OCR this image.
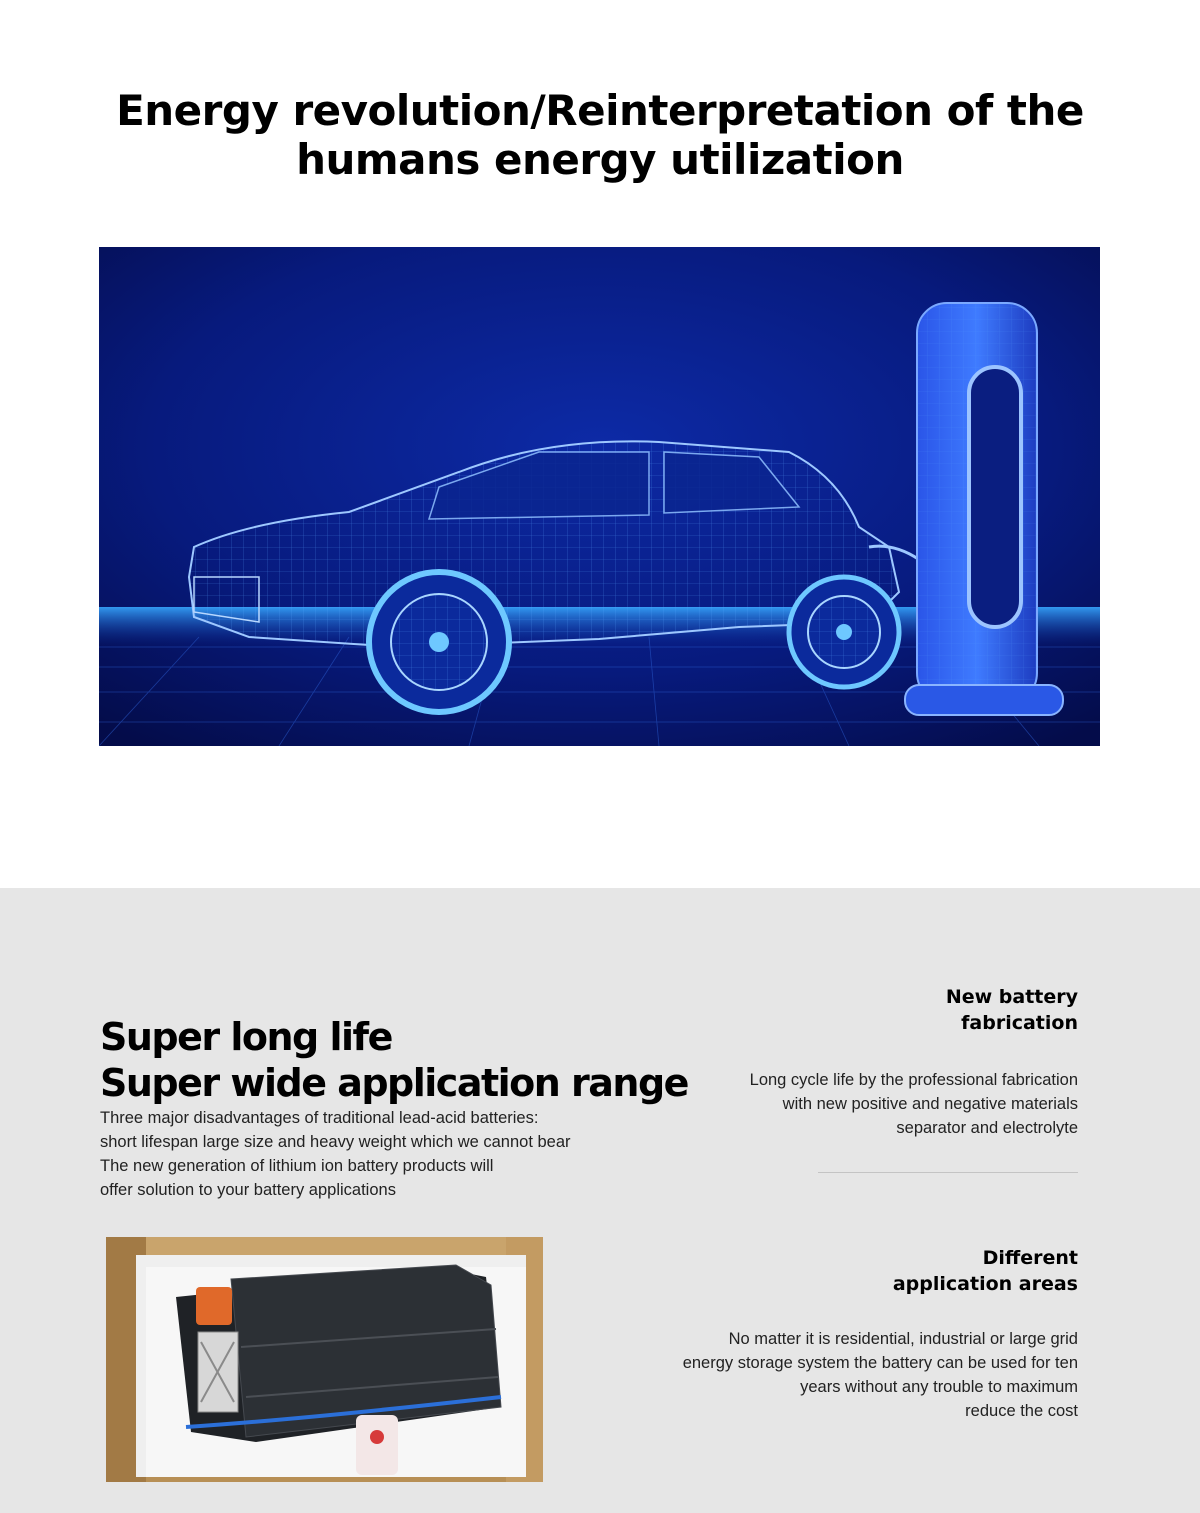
Energy revolution/Reinterpretation of the
humans energy utilization
Super long life
Super wide application range
Three major disadvantages of traditional lead-acid batteries:
short lifespan large size and heavy weight which we cannot bear
The new generation of lithium ion battery products will
offer solution to your battery applications
New battery
fabrication

Long cycle life by the professional fabrication
with new positive and negative materials
separator and electrolyte

Different
application areas

No matter it is residential, industrial or large grid
energy storage system the battery can be used for ten
years without any trouble to maximum
reduce the cost
